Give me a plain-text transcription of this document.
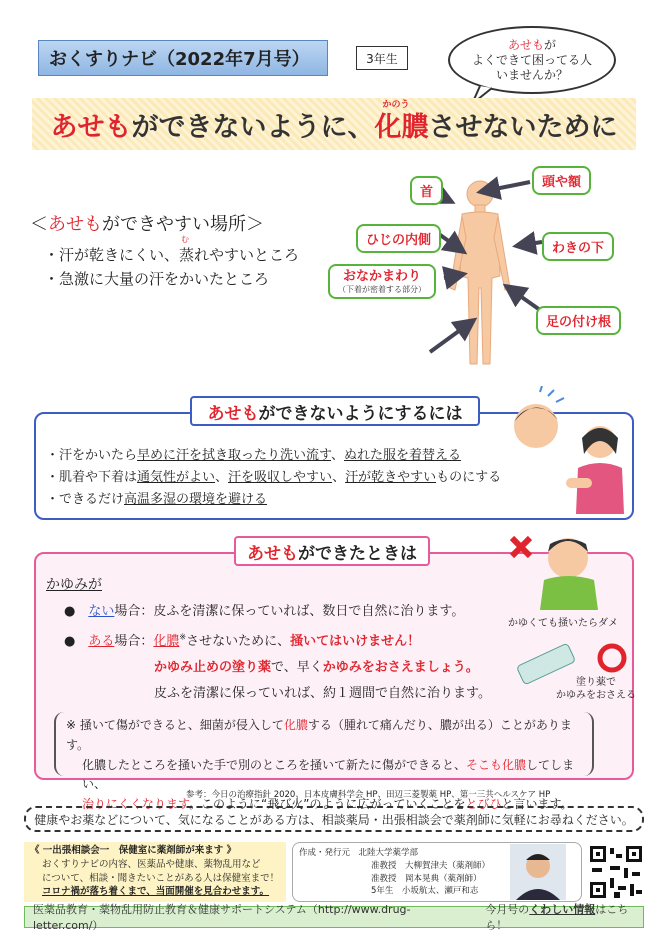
おくすりナビ（2022年7月号）	3年生
あせもが
よくできて困ってる人
いませんか？
あせも ができないように、
かのう
化膿 させないために
＜あせもができやすい場所＞
・汗が乾きにくい、蒸れやすいところ
む
・急激に大量の汗をかいたところ
首
頭や額
ひじの内側
わきの下
おなかまわり
（下着が密着する部分）
足の付け根
あせも ができないようにするには
・汗をかいたら早めに汗を拭き取ったり洗い流す、ぬれた服を着替える
・肌着や下着は通気性がよい、汗を吸収しやすい、汗が乾きやすいものにする
・できるだけ高温多湿の環境を避ける
あせも ができたときは
かゆみが
●　ない場合：皮ふを清潔に保っていれば、数日で自然に治ります。
●　ある場合：化膿※させないために、掻いてはいけません！
かゆみ止めの塗り薬で、早くかゆみをおさえましょう。
皮ふを清潔に保っていれば、約１週間で自然に治ります。
かゆくても掻いたらダメ
塗り薬で
かゆみをおさえる
※ 掻いて傷ができると、細菌が侵入して化膿する（腫れて痛んだり、膿が出る）ことがあります。
化膿したところを掻いた手で別のところを掻いて新たに傷ができると、そこも化膿してしまい、
治りにくくなります。このように“飛び火”のように広がっていくことをとびひと言います。
参考：今日の治療指針 2020、日本皮膚科学会 HP、田辺三菱製薬 HP、第一三共ヘルスケア HP
健康やお薬などについて、気になることがある方は、相談薬局・出張相談会で薬剤師に気軽にお尋ねください。
《 一出張相談会一　保健室に薬剤師が来ます 》
おくすりナビの内容、医薬品や健康、薬物乱用など
について、相談・聞きたいことがある人は保健室まで！
コロナ禍が落ち着くまで、当面開催を見合わせます。
作成・発行元　 北陸大学薬学部
准教授　大柳賀津夫（薬剤師）
准教授　岡本晃典（薬剤師）
5年生　小坂航太、瀬戸和志
医薬品教育・薬物乱用防止教育＆健康サポートシステム（http://www.drug-letter.com/）
今月号のくわしい情報はこちら！
